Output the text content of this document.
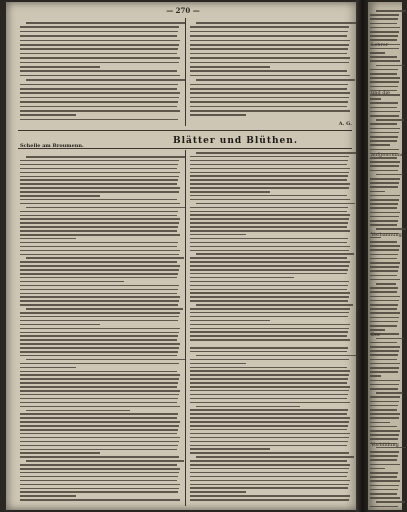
— 270 —
A. G.
Blätter und Blüthen.
Schelle am Broumenn.
Lehrer
und die
aufgenommen
Verbannung
Der
Vorbildung
